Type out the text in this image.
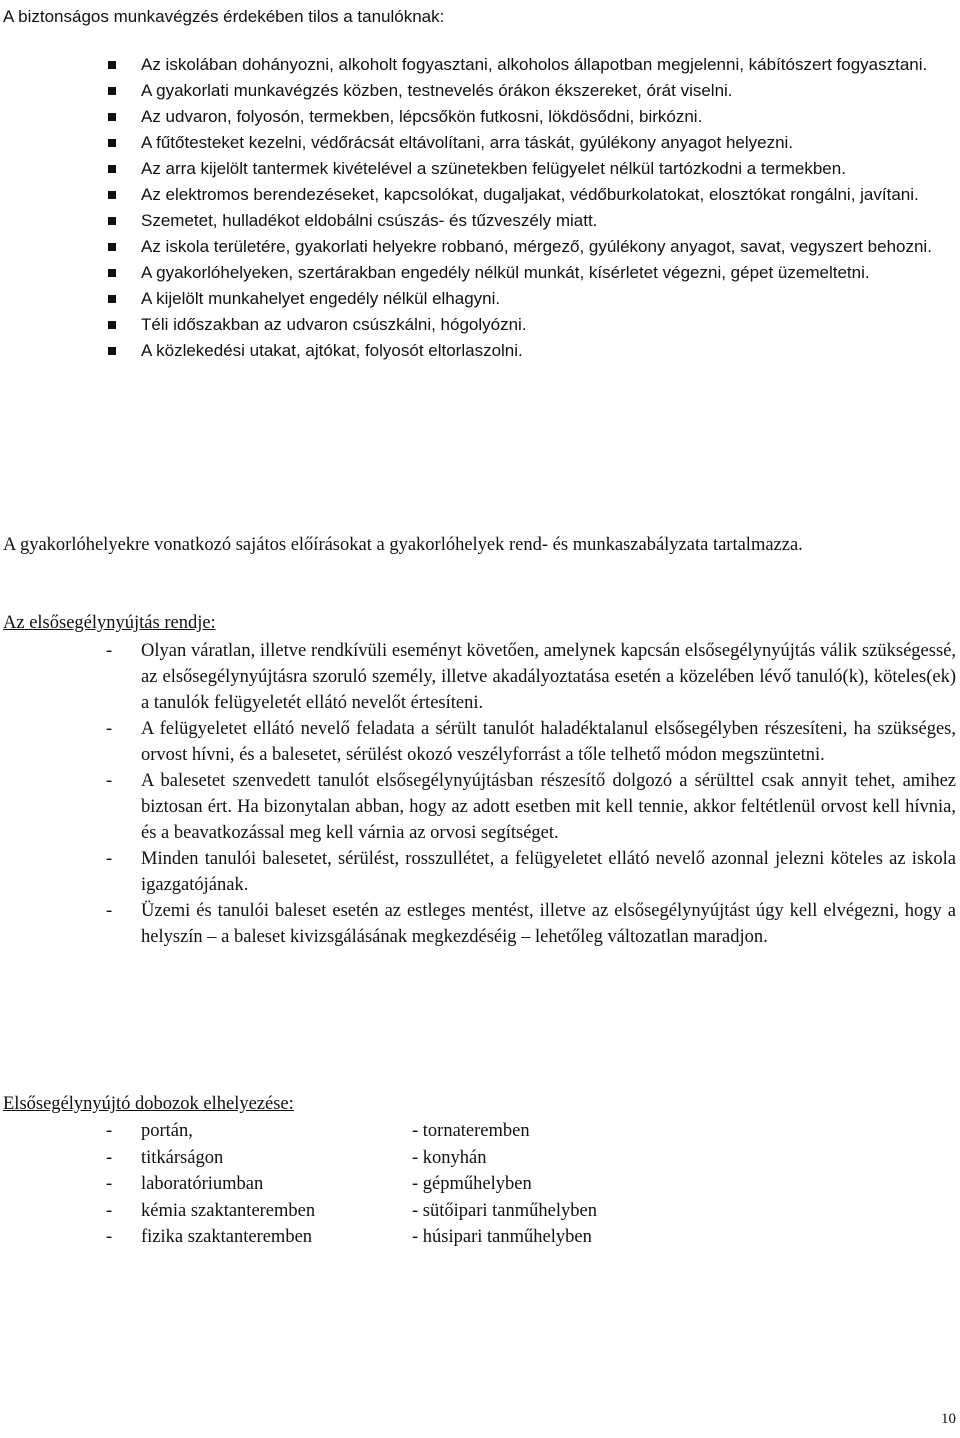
A biztonságos munkavégzés érdekében tilos a tanulóknak:
Az iskolában dohányozni, alkoholt fogyasztani, alkoholos állapotban megjelenni, kábítószert fogyasztani.
A gyakorlati munkavégzés közben, testnevelés órákon ékszereket, órát viselni.
Az udvaron, folyosón, termekben, lépcsőkön futkosni, lökdösődni, birkózni.
A fűtőtesteket kezelni, védőrácsát eltávolítani, arra táskát, gyúlékony anyagot helyezni.
Az arra kijelölt tantermek kivételével a szünetekben felügyelet nélkül tartózkodni a termekben.
Az elektromos berendezéseket, kapcsolókat, dugaljakat, védőburkolatokat, elosztókat rongálni, javítani.
Szemetet, hulladékot eldobálni csúszás- és tűzveszély miatt.
Az iskola területére, gyakorlati helyekre robbanó, mérgező, gyúlékony anyagot, savat, vegyszert behozni.
A gyakorlóhelyeken, szertárakban engedély nélkül munkát, kísérletet végezni, gépet üzemeltetni.
A kijelölt munkahelyet engedély nélkül elhagyni.
Téli időszakban az udvaron csúszkálni, hógolyózni.
A közlekedési utakat, ajtókat, folyosót eltorlaszolni.

A gyakorlóhelyekre vonatkozó sajátos előírásokat a gyakorlóhelyek rend- és munkaszabályzata tartalmazza.

Az elsősegélynyújtás rendje:
- Olyan váratlan, illetve rendkívüli eseményt követően, amelynek kapcsán elsősegélynyújtás válik szükségessé, az elsősegélynyújtásra szoruló személy, illetve akadályoztatása esetén a közelében lévő tanuló(k), köteles(ek) a tanulók felügyeletét ellátó nevelőt értesíteni.
- A felügyeletet ellátó nevelő feladata a sérült tanulót haladéktalanul elsősegélyben részesíteni, ha szükséges, orvost hívni, és a balesetet, sérülést okozó veszélyforrást a tőle telhető módon megszüntetni.
- A balesetet szenvedett tanulót elsősegélynyújtásban részesítő dolgozó a sérülttel csak annyit tehet, amihez biztosan ért. Ha bizonytalan abban, hogy az adott esetben mit kell tennie, akkor feltétlenül orvost kell hívnia, és a beavatkozással meg kell várnia az orvosi segítséget.
- Minden tanulói balesetet, sérülést, rosszullétet, a felügyeletet ellátó nevelő azonnal jelezni köteles az iskola igazgatójának.
- Üzemi és tanulói baleset esetén az estleges mentést, illetve az elsősegélynyújtást úgy kell elvégezni, hogy a helyszín – a baleset kivizsgálásának megkezdéséig – lehetőleg változatlan maradjon.
Elsősegélynyújtó dobozok elhelyezése:
- portán,	- tornateremben
- titkárságon	- konyhán
- laboratóriumban	- gépműhelyben
- kémia szaktanteremben	- sütőipari tanműhelyben
- fizika szaktanteremben	- húsipari tanműhelyben
10
